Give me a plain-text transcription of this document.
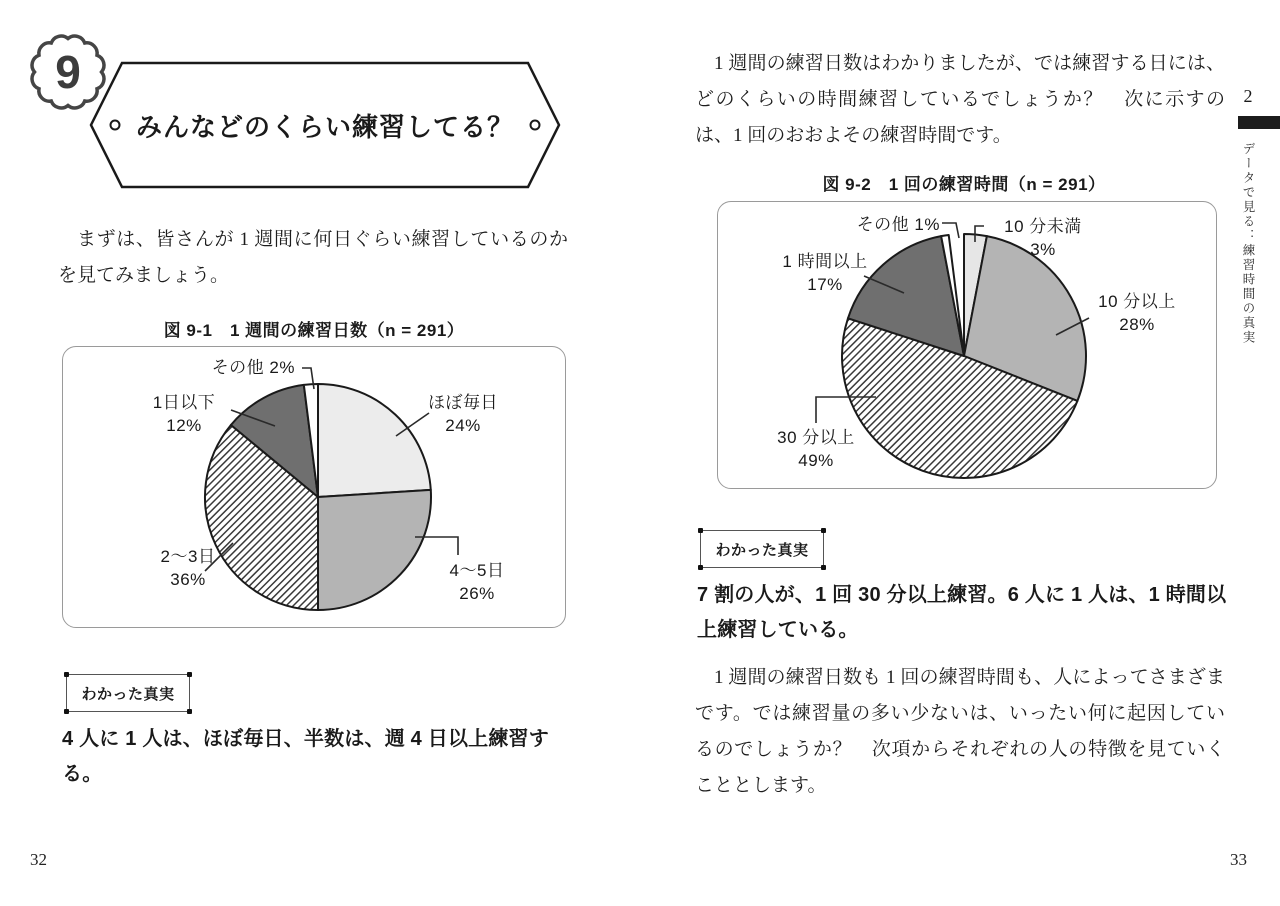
みんなどのくらい練習してる？
9

まずは、皆さんが 1 週間に何日ぐらい練習しているのかを見てみましょう。

図 9-1　1 週間の練習日数（n = 291）
その他 2%
1日以下
12%
ほぼ毎日
24%
2〜3日
36%	4〜5日
26%
わかった真実

4 人に 1 人は、ほぼ毎日、半数は、週 4 日以上練習する。

32

1 週間の練習日数はわかりましたが、では練習する日には、どのくらいの時間練習しているでしょうか？　次に示すのは、1 回のおおよその練習時間です。

図 9-2　1 回の練習時間（n = 291）
その他 1%	10 分未満
3%
1 時間以上
17%
10 分以上
28%
30 分以上
49%
わかった真実

7 割の人が、1 回 30 分以上練習。6 人に 1 人は、1 時間以上練習している。

1 週間の練習日数も 1 回の練習時間も、人によってさまざまです。では練習量の多い少ないは、いったい何に起因しているのでしょうか？　次項からそれぞれの人の特徴を見ていくこととします。

33
2
データで見る：練習時間の真実
